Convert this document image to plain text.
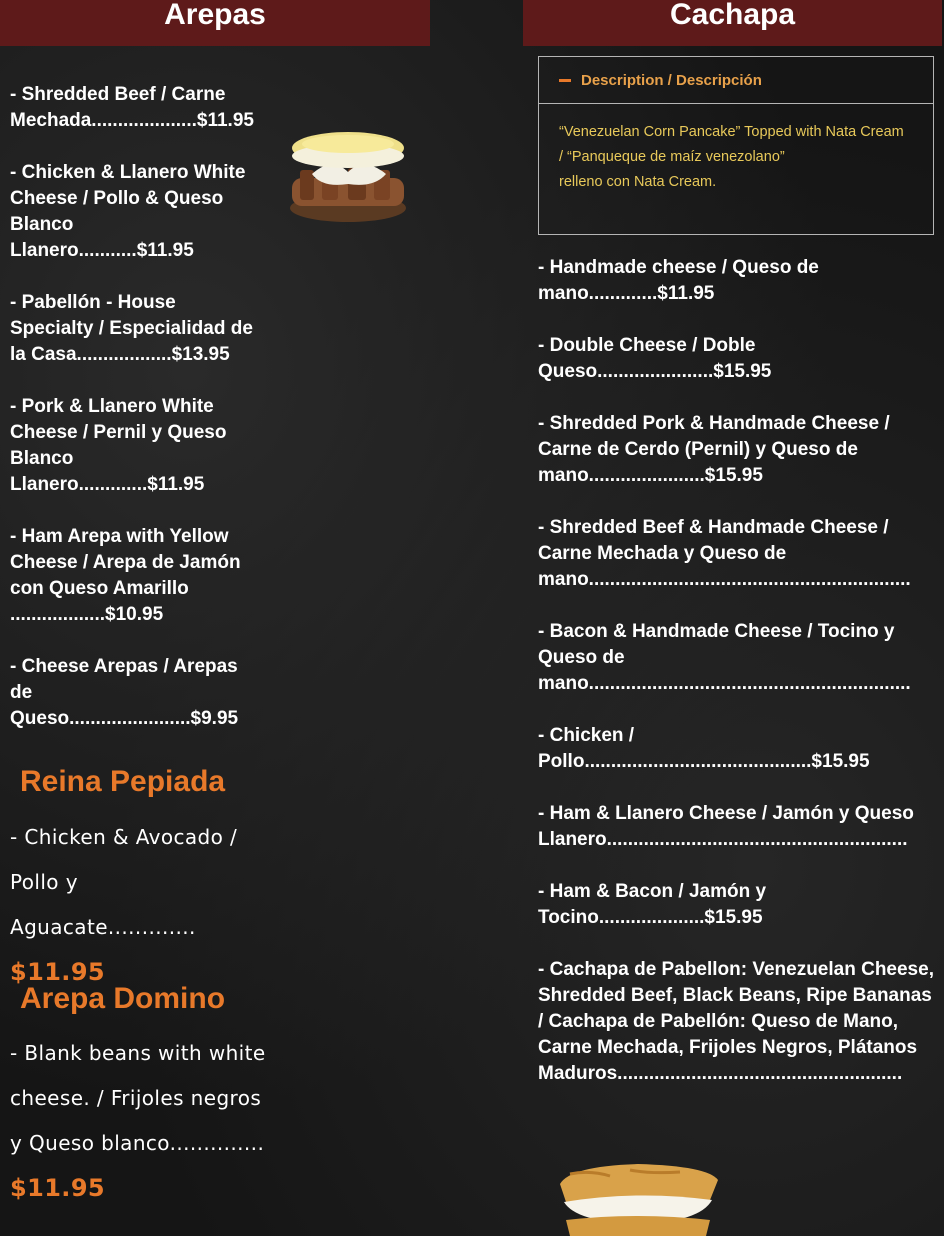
Arepas	Cachapa
- Shredded Beef / Carne
Mechada....................$11.95
- Chicken & Llanero White
Cheese / Pollo & Queso
Blanco
Llanero...........$11.95
- Pabellón - House
Specialty / Especialidad de
la Casa..................$13.95
- Pork & Llanero White
Cheese / Pernil y Queso
Blanco
Llanero.............$11.95
- Ham Arepa with Yellow
Cheese / Arepa de Jamón
con Queso Amarillo
..................$10.95
- Cheese Arepas / Arepas
de
Queso.......................$9.95
Reina Pepiada
- Chicken & Avocado / Pollo y Aguacate.............
$11.95
Arepa Domino
- Blank beans with white cheese. / Frijoles negros y Queso blanco.............. $11.95
Description / Descripción
“Venezuelan Corn Pancake” Topped with Nata Cream
/ “Panqueque de maíz venezolano”
relleno con Nata Cream.
- Handmade cheese / Queso de
mano.............$11.95
- Double Cheese / Doble
Queso......................$15.95
- Shredded Pork & Handmade Cheese /
Carne de Cerdo (Pernil) y Queso de
mano......................$15.95
- Shredded Beef & Handmade Cheese /
Carne Mechada y Queso de
mano.............................................................
- Bacon & Handmade Cheese / Tocino y
Queso de
mano.............................................................
- Chicken /
Pollo...........................................$15.95
- Ham & Llanero Cheese / Jamón y Queso
Llanero.........................................................
- Ham & Bacon / Jamón y
Tocino....................$15.95
- Cachapa de Pabellon: Venezuelan Cheese,
Shredded Beef, Black Beans, Ripe Bananas
/ Cachapa de Pabellón: Queso de Mano,
Carne Mechada, Frijoles Negros, Plátanos
Maduros......................................................
